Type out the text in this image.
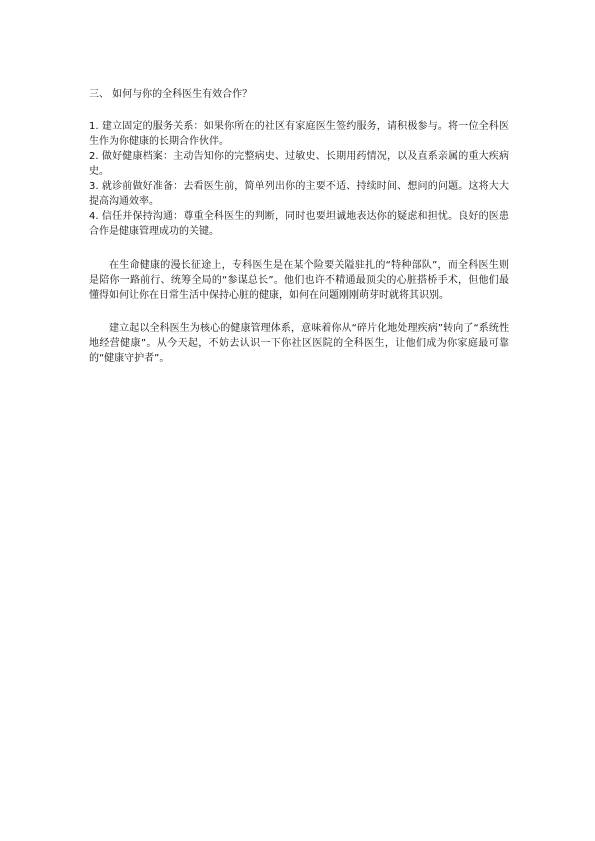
三、 如何与你的全科医生有效合作？
1. 建立固定的服务关系：如果你所在的社区有家庭医生签约服务，请积极参与。将一位全科医生作为你健康的长期合作伙伴。
2. 做好健康档案：主动告知你的完整病史、过敏史、长期用药情况，以及直系亲属的重大疾病史。
3. 就诊前做好准备：去看医生前，简单列出你的主要不适、持续时间、想问的问题。这将大大提高沟通效率。
4. 信任并保持沟通：尊重全科医生的判断，同时也要坦诚地表达你的疑虑和担忧。良好的医患合作是健康管理成功的关键。

在生命健康的漫长征途上，专科医生是在某个险要关隘驻扎的“特种部队”，而全科医生则是陪你一路前行、统筹全局的“参谋总长”。他们也许不精通最顶尖的心脏搭桥手术，但他们最懂得如何让你在日常生活中保持心脏的健康，如何在问题刚刚萌芽时就将其识别。

建立起以全科医生为核心的健康管理体系，意味着你从“碎片化地处理疾病”转向了“系统性地经营健康”。从今天起，不妨去认识一下你社区医院的全科医生，让他们成为你家庭最可靠的“健康守护者”。
